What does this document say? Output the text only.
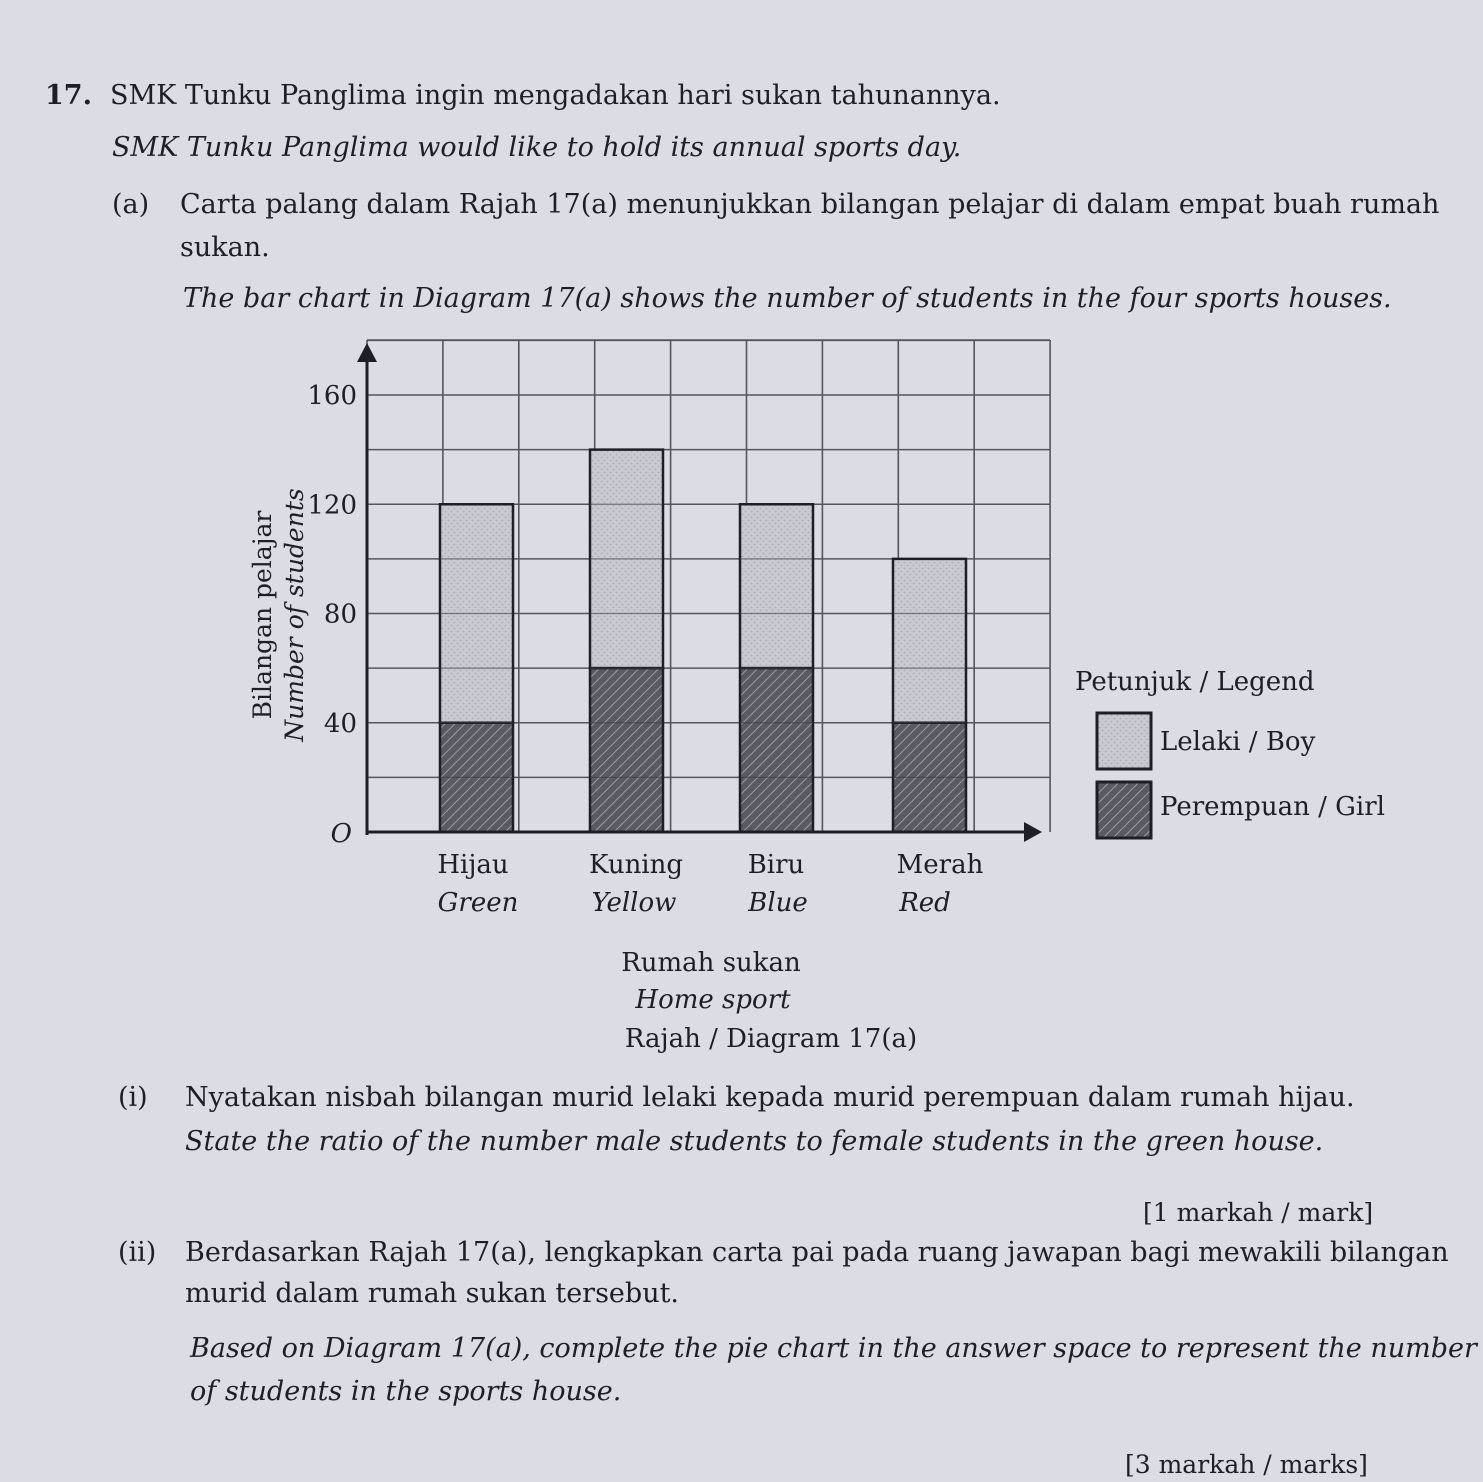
17. SMK Tunku Panglima ingin mengadakan hari sukan tahunannya.
SMK Tunku Panglima would like to hold its annual sports day.
(a) Carta palang dalam Rajah 17(a) menunjukkan bilangan pelajar di dalam empat buah rumah
sukan.
The bar chart in Diagram 17(a) shows the number of students in the four sports houses.
O
40
80
120
160
Hijau
Green
Kuning
Yellow
Biru
Blue
Merah
Red
Bilangan pelajar Number of students
Rumah sukan
Home sport
Rajah / Diagram 17(a)
Petunjuk / Legend
Lelaki / Boy
Perempuan / Girl
(i) Nyatakan nisbah bilangan murid lelaki kepada murid perempuan dalam rumah hijau.
State the ratio of the number male students to female students in the green house.
[1 markah / mark]
(ii) Berdasarkan Rajah 17(a), lengkapkan carta pai pada ruang jawapan bagi mewakili bilangan
murid dalam rumah sukan tersebut.
Based on Diagram 17(a), complete the pie chart in the answer space to represent the number
of students in the sports house.
[3 markah / marks]
